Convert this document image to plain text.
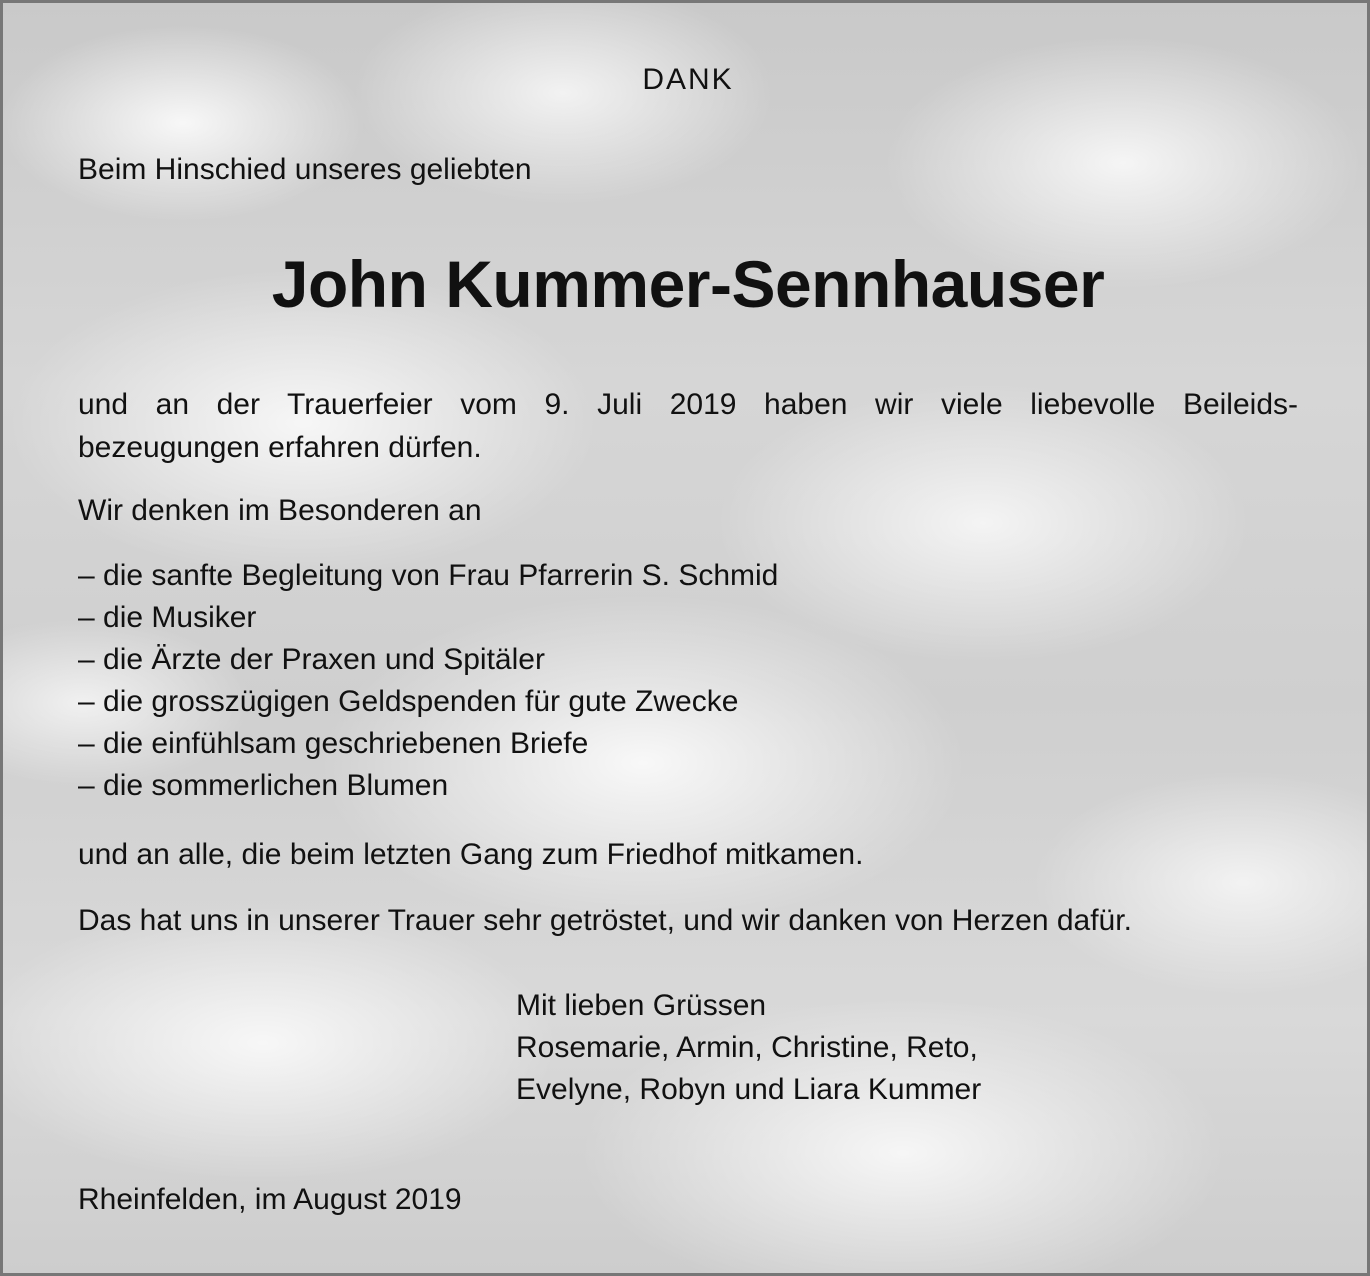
DANK

Beim Hinschied unseres geliebten

John Kummer-Sennhauser
und an der Trauerfeier vom 9. Juli 2019 haben wir viele liebevolle Beileids-
bezeugungen erfahren dürfen.

Wir denken im Besonderen an

– die sanfte Begleitung von Frau Pfarrerin S. Schmid
– die Musiker
– die Ärzte der Praxen und Spitäler
– die grosszügigen Geldspenden für gute Zwecke
– die einfühlsam geschriebenen Briefe
– die sommerlichen Blumen

und an alle, die beim letzten Gang zum Friedhof mitkamen.

Das hat uns in unserer Trauer sehr getröstet, und wir danken von Herzen dafür.

Mit lieben Grüssen
Rosemarie, Armin, Christine, Reto,
Evelyne, Robyn und Liara Kummer

Rheinfelden, im August 2019
